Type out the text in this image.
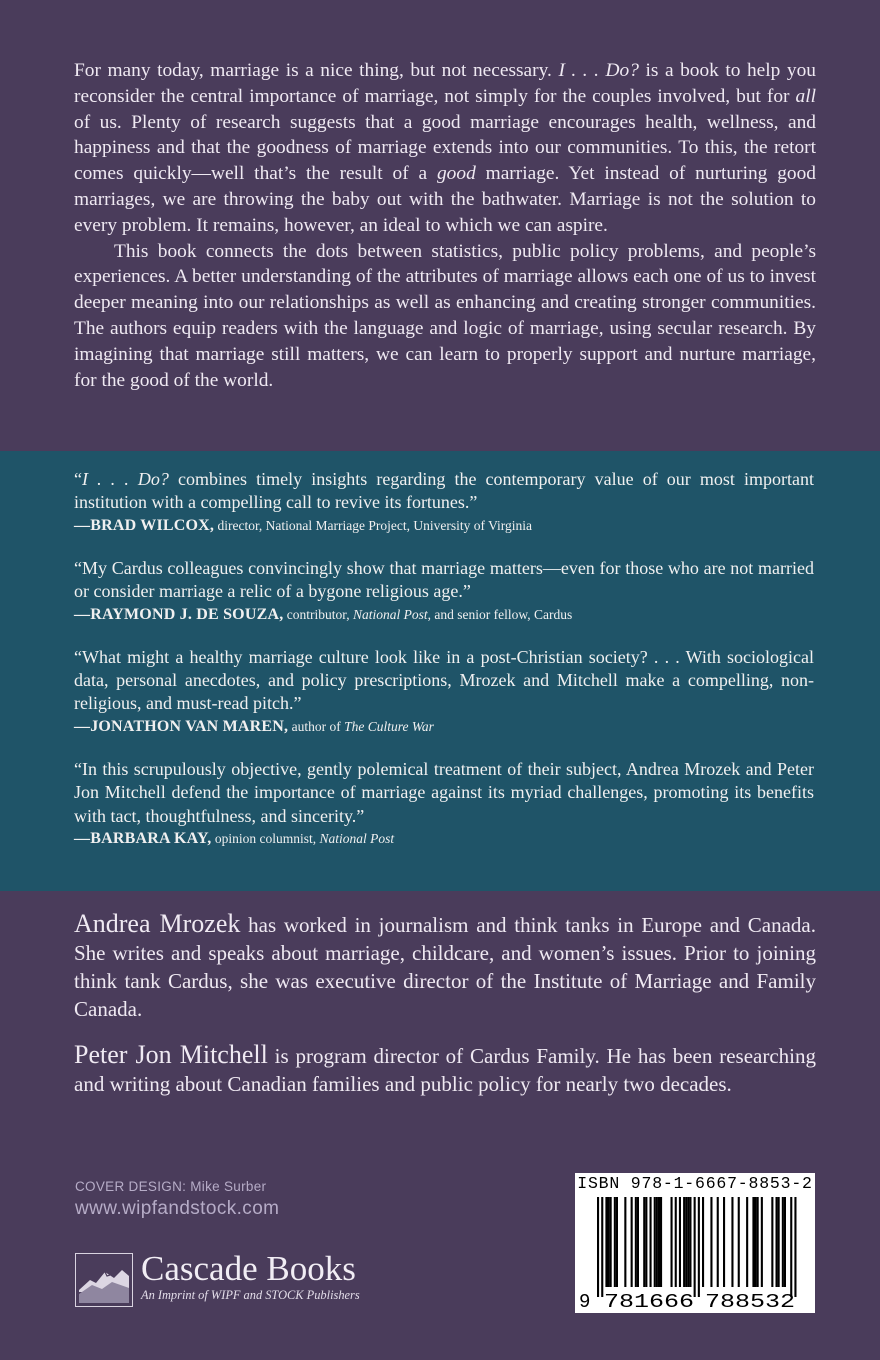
For many today, marriage is a nice thing, but not necessary. I . . . Do? is a book to help you reconsider the central importance of marriage, not simply for the couples involved, but for all of us. Plenty of research suggests that a good marriage encourages health, wellness, and happiness and that the goodness of marriage extends into our communities. To this, the retort comes quickly—well that’s the result of a good marriage. Yet instead of nurturing good marriages, we are throwing the baby out with the bathwater. Marriage is not the solution to every problem. It remains, however, an ideal to which we can aspire.

This book connects the dots between statistics, public policy problems, and people’s experiences. A better understanding of the attributes of marriage allows each one of us to invest deeper meaning into our relationships as well as enhancing and creating stronger communities. The authors equip readers with the language and logic of marriage, using secular research. By imagining that marriage still matters, we can learn to properly support and nurture marriage, for the good of the world.

“I . . . Do? combines timely insights regarding the contemporary value of our most important institution with a compelling call to revive its fortunes.”

—BRAD WILCOX, director, National Marriage Project, University of Virginia

“My Cardus colleagues convincingly show that marriage matters—even for those who are not married or consider marriage a relic of a bygone religious age.”

—RAYMOND J. DE SOUZA, contributor, National Post, and senior fellow, Cardus

“What might a healthy marriage culture look like in a post-Christian society? . . . With sociological data, personal anecdotes, and policy prescriptions, Mrozek and Mitchell make a compelling, non-religious, and must-read pitch.”

—JONATHON VAN MAREN, author of The Culture War

“In this scrupulously objective, gently polemical treatment of their subject, Andrea Mrozek and Peter Jon Mitchell defend the importance of marriage against its myriad challenges, promoting its benefits with tact, thoughtfulness, and sincerity.”

—BARBARA KAY, opinion columnist, National Post

Andrea Mrozek has worked in journalism and think tanks in Europe and Canada. She writes and speaks about marriage, childcare, and women’s issues. Prior to joining think tank Cardus, she was executive director of the Institute of Marriage and Family Canada.

Peter Jon Mitchell is program director of Cardus Family. He has been researching and writing about Canadian families and public policy for nearly two decades.

COVER DESIGN: Mike Surber
www.wipfandstock.com
Cascade Books
An Imprint of WIPF and STOCK Publishers
ISBN 978-1-6667-8853-2
9 781666 788532
